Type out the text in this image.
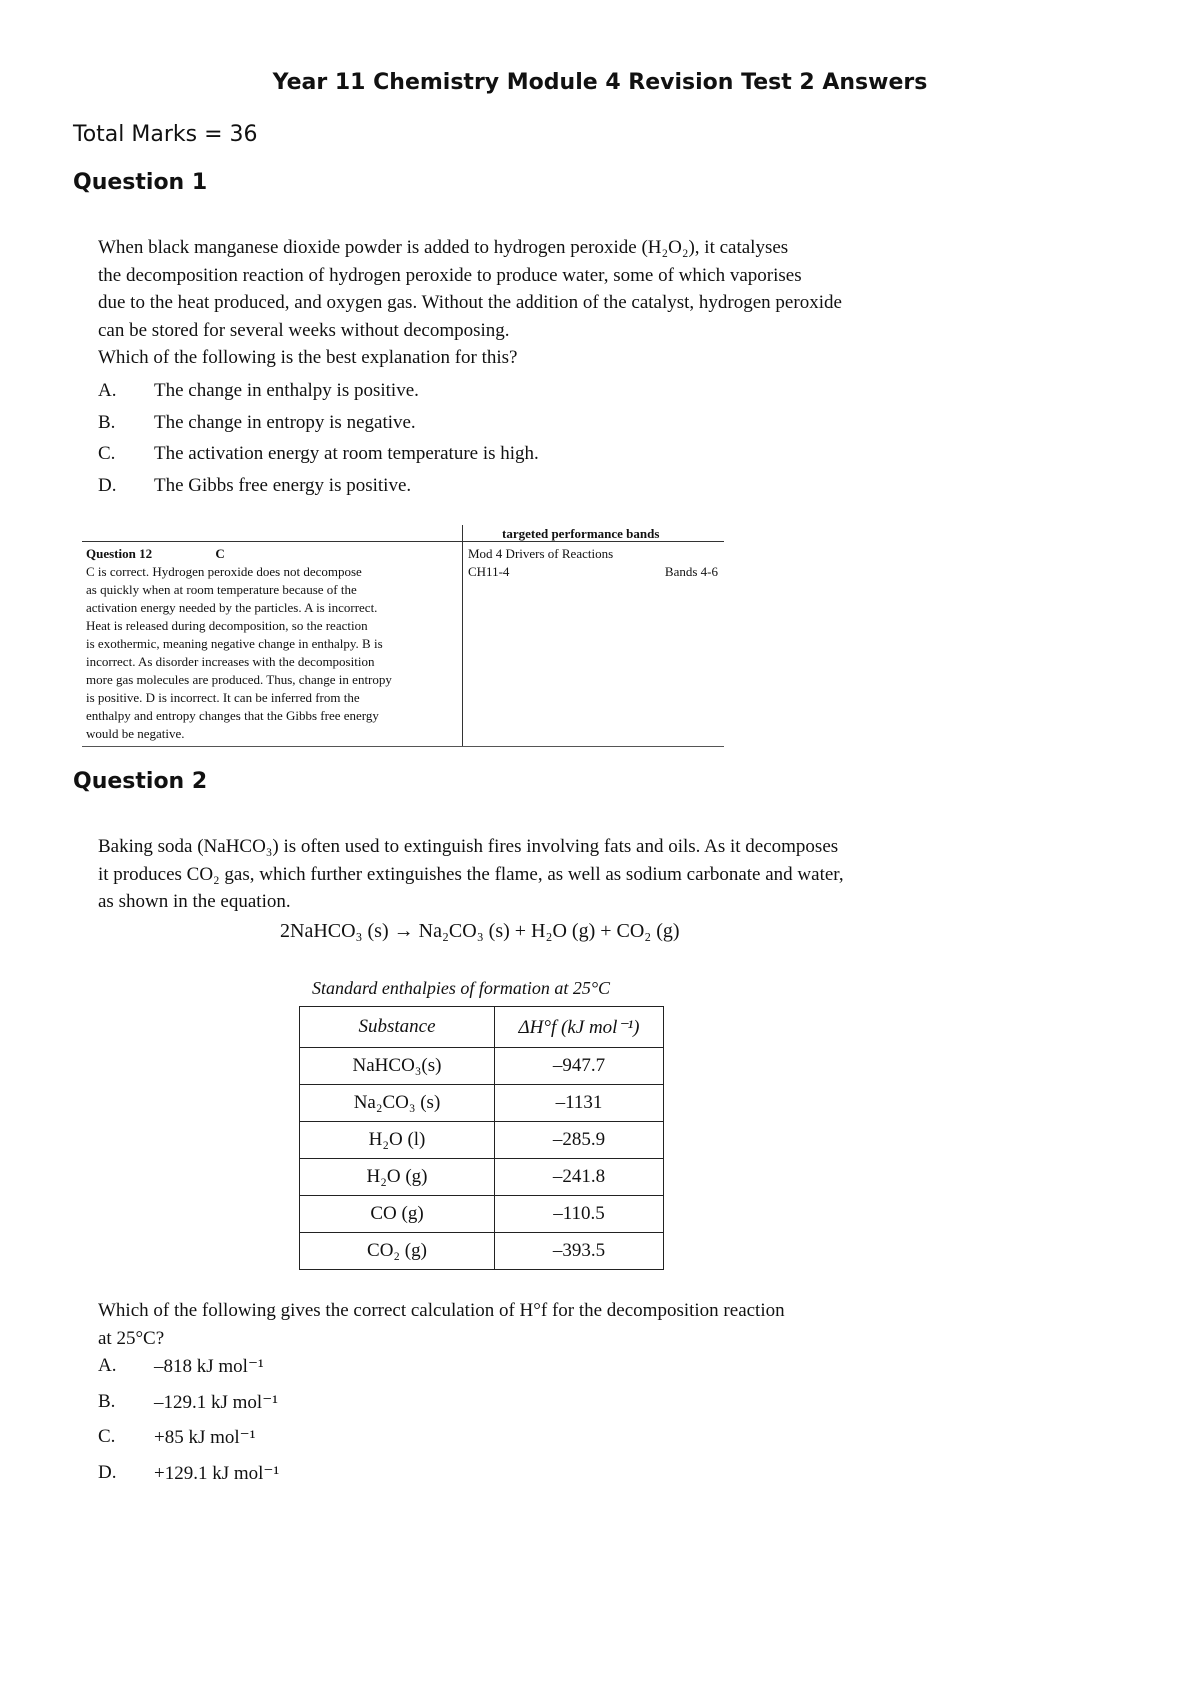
Year 11 Chemistry Module 4 Revision Test 2 Answers
Total Marks = 36
Question 1
When black manganese dioxide powder is added to hydrogen peroxide (H₂O₂), it catalyses
the decomposition reaction of hydrogen peroxide to produce water, some of which vaporises
due to the heat produced, and oxygen gas. Without the addition of the catalyst, hydrogen peroxide
can be stored for several weeks without decomposing.
Which of the following is the best explanation for this?
A.	The change in enthalpy is positive.
B.	The change in entropy is negative.
C.	The activation energy at room temperature is high.
D.	The Gibbs free energy is positive.
targeted performance bands
Question 12	C
C is correct. Hydrogen peroxide does not decompose
as quickly when at room temperature because of the
activation energy needed by the particles. A is incorrect.
Heat is released during decomposition, so the reaction
is exothermic, meaning negative change in enthalpy. B is
incorrect. As disorder increases with the decomposition
more gas molecules are produced. Thus, change in entropy
is positive. D is incorrect. It can be inferred from the
enthalpy and entropy changes that the Gibbs free energy
would be negative.
Mod 4 Drivers of Reactions
CH11-4	Bands 4-6
Question 2
Baking soda (NaHCO₃) is often used to extinguish fires involving fats and oils. As it decomposes
it produces CO₂ gas, which further extinguishes the flame, as well as sodium carbonate and water,
as shown in the equation.
2NaHCO₃ (s) → Na₂CO₃ (s) + H₂O (g) + CO₂ (g)
Standard enthalpies of formation at 25°C
Substance	ΔH°f (kJ mol⁻¹)
NaHCO₃(s)	–947.7
Na₂CO₃ (s)	–1131
H₂O (l)	–285.9
H₂O (g)	–241.8
CO (g)	–110.5
CO₂ (g)	–393.5
Which of the following gives the correct calculation of H°f for the decomposition reaction
at 25°C?
A.	–818 kJ mol⁻¹
B.	–129.1 kJ mol⁻¹
C.	+85 kJ mol⁻¹
D.	+129.1 kJ mol⁻¹
